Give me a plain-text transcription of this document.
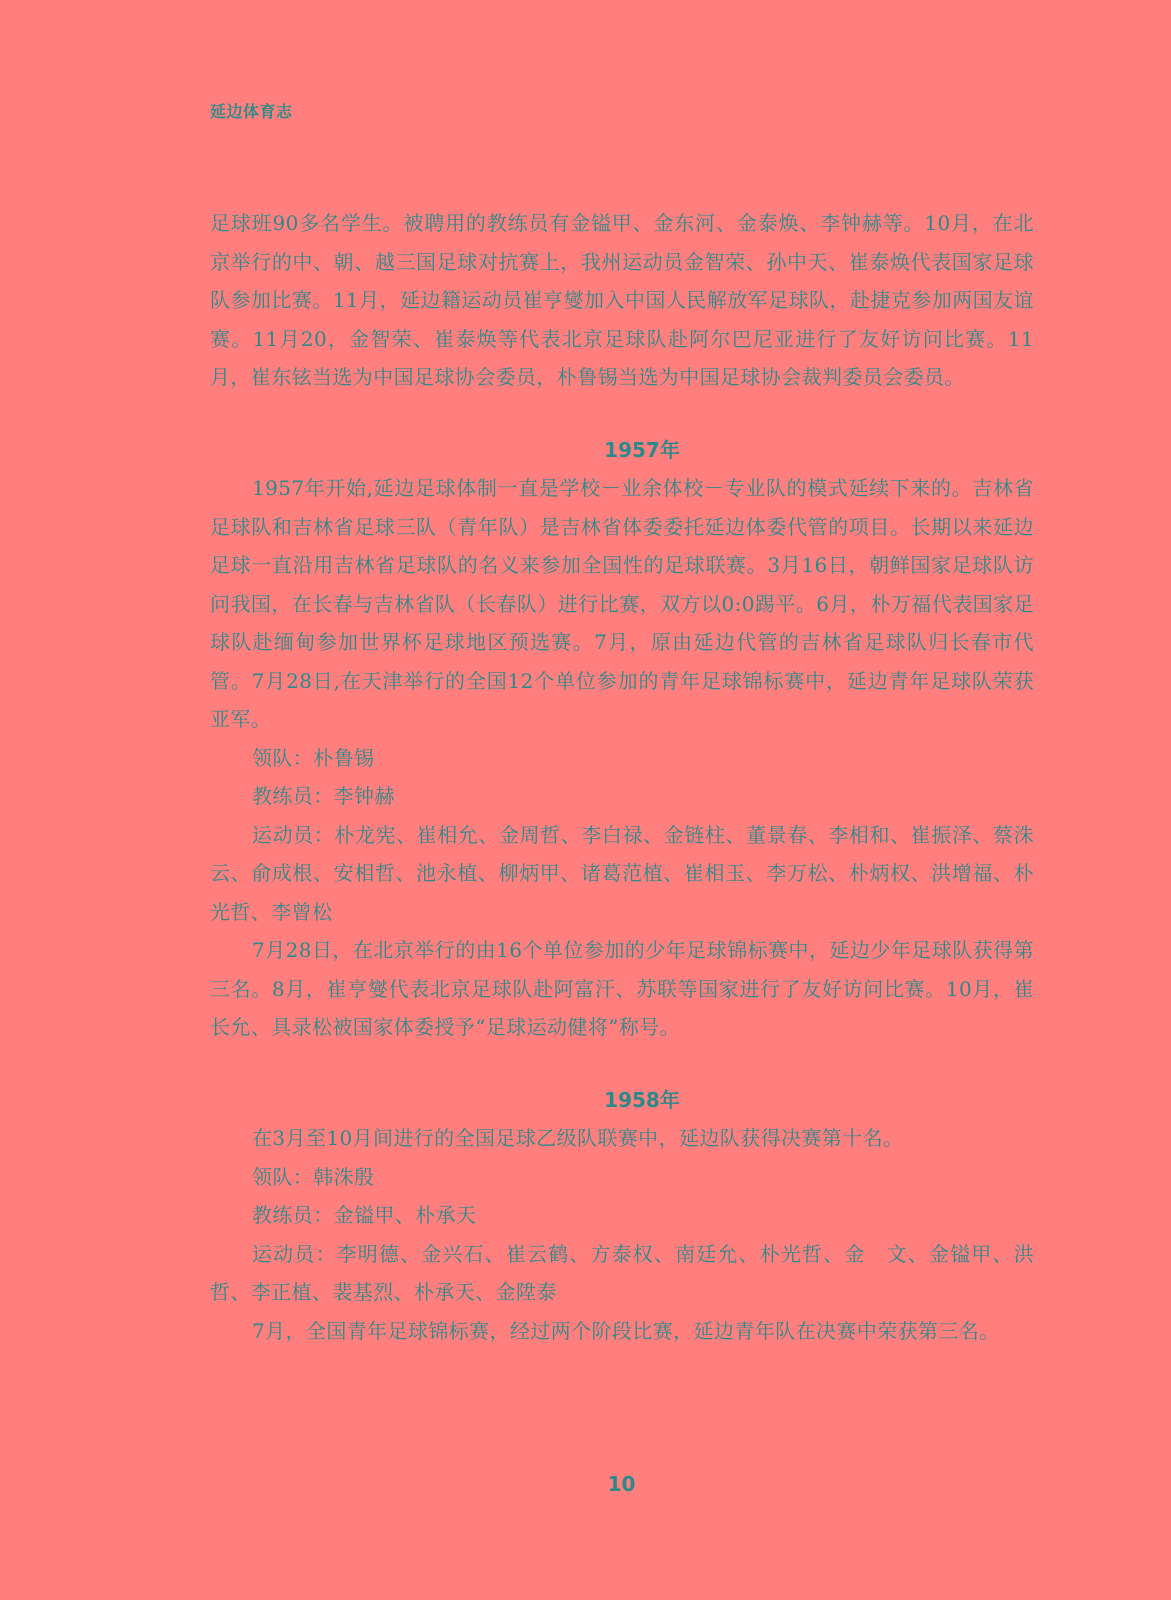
延边体育志

足球班90多名学生。被聘用的教练员有金镒甲、金东河、金泰焕、李钟赫等。10月，在北京举行的中、朝、越三国足球对抗赛上，我州运动员金智荣、孙中天、崔泰焕代表国家足球队参加比赛。11月，延边籍运动员崔亨燮加入中国人民解放军足球队，赴捷克参加两国友谊赛。11月20，金智荣、崔泰焕等代表北京足球队赴阿尔巴尼亚进行了友好访问比赛。11月，崔东铉当选为中国足球协会委员，朴鲁锡当选为中国足球协会裁判委员会委员。

1957年

1957年开始,延边足球体制一直是学校－业余体校－专业队的模式延续下来的。吉林省足球队和吉林省足球三队（青年队）是吉林省体委委托延边体委代管的项目。长期以来延边足球一直沿用吉林省足球队的名义来参加全国性的足球联赛。3月16日，朝鲜国家足球队访问我国，在长春与吉林省队（长春队）进行比赛，双方以0:0踢平。6月，朴万福代表国家足球队赴缅甸参加世界杯足球地区预选赛。7月，原由延边代管的吉林省足球队归长春市代管。7月28日,在天津举行的全国12个单位参加的青年足球锦标赛中，延边青年足球队荣获亚军。

领队：朴鲁锡

教练员：李钟赫

运动员：朴龙宪、崔相允、金周哲、李白禄、金链柱、董景春、李相和、崔振泽、蔡洙云、俞成根、安相哲、池永植、柳炳甲、诸葛范植、崔相玉、李万松、朴炳权、洪增福、朴光哲、李曾松

7月28日，在北京举行的由16个单位参加的少年足球锦标赛中，延边少年足球队获得第三名。8月，崔亨燮代表北京足球队赴阿富汗、苏联等国家进行了友好访问比赛。10月，崔长允、具录松被国家体委授予“足球运动健将”称号。

1958年

在3月至10月间进行的全国足球乙级队联赛中，延边队获得决赛第十名。

领队：韩洙殷

教练员：金镒甲、朴承天

运动员：李明德、金兴石、崔云鹤、方泰权、南廷允、朴光哲、金　文、金镒甲、洪　哲、李正植、裴基烈、朴承天、金陞泰

7月，全国青年足球锦标赛，经过两个阶段比赛，延边青年队在决赛中荣获第三名。

10
